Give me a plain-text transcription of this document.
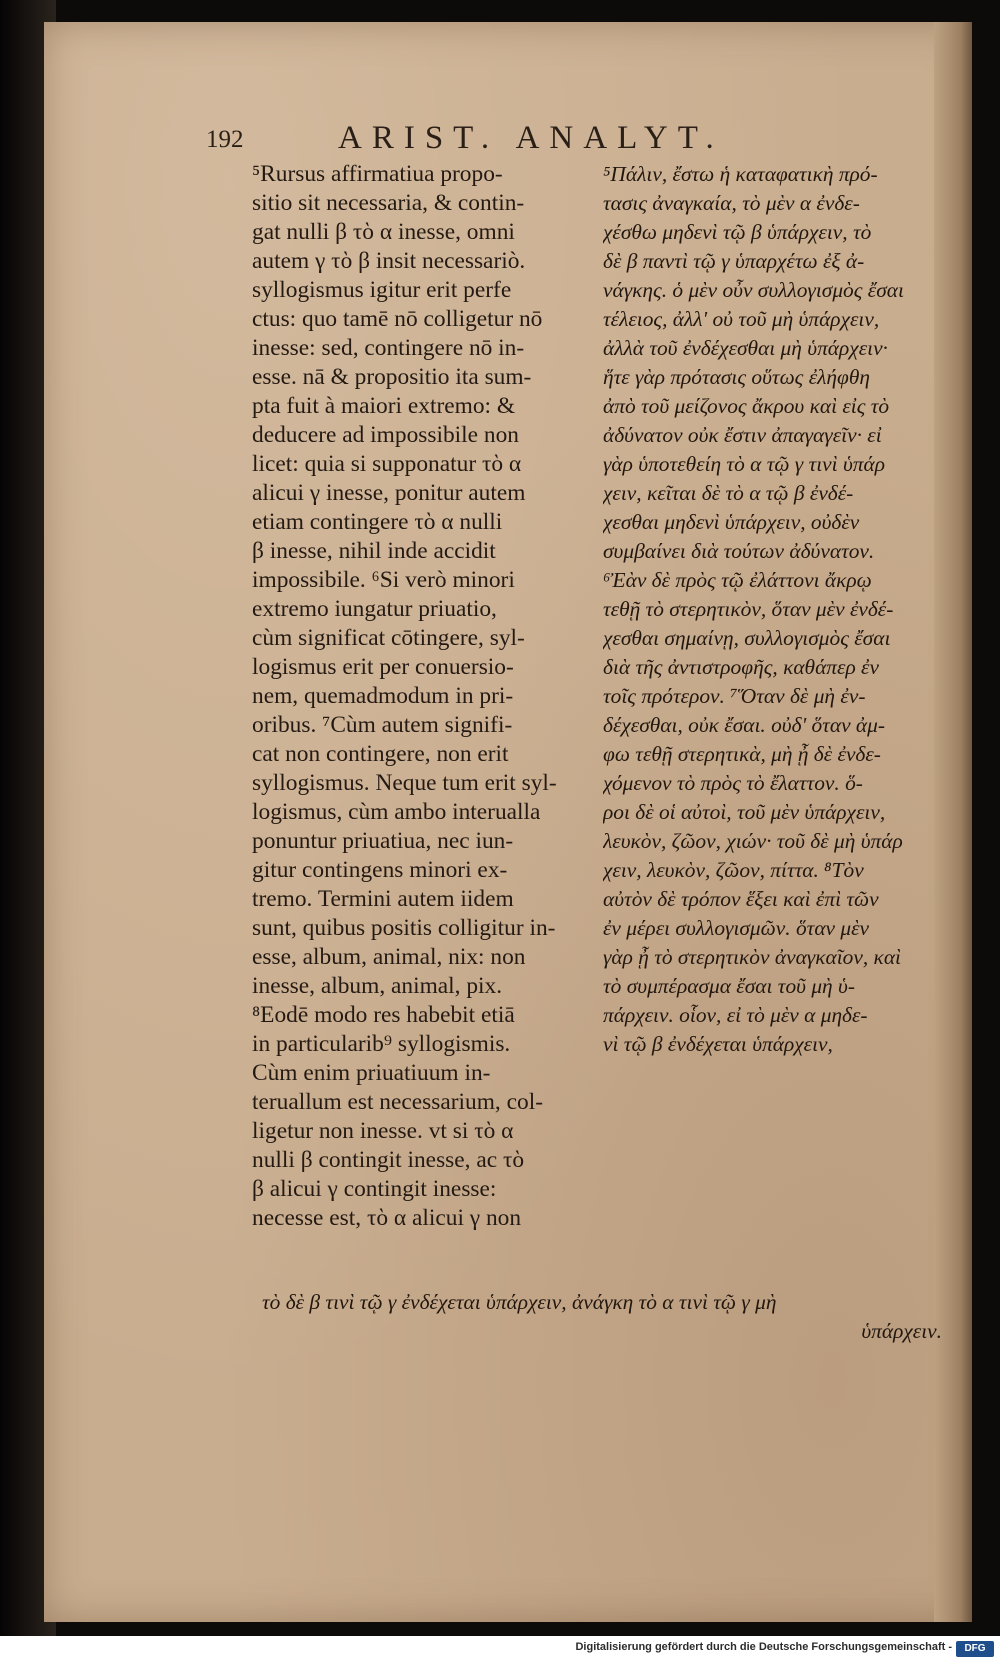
192	ARIST. ANALYT.
⁵Rursus affirmatiua propo-
sitio sit necessaria, & contin-
gat nulli β τὸ α inesse, omni
autem γ τὸ β insit necessariò.
syllogismus igitur erit perfe
ctus: quo tamē nō colligetur nō
inesse: sed, contingere nō in-
esse. nā & propositio ita sum-
pta fuit à maiori extremo: &
deducere ad impossibile non
licet: quia si supponatur τὸ α
alicui γ inesse, ponitur autem
etiam contingere τὸ α nulli
β inesse, nihil inde accidit
impossibile. ⁶Si verò minori
extremo iungatur priuatio,
cùm significat cōtingere, syl-
logismus erit per conuersio-
nem, quemadmodum in pri-
oribus. ⁷Cùm autem signifi-
cat non contingere, non erit
syllogismus. Neque tum erit syl-
logismus, cùm ambo interualla
ponuntur priuatiua, nec iun-
gitur contingens minori ex-
tremo. Termini autem iidem
sunt, quibus positis colligitur in-
esse, album, animal, nix: non
inesse, album, animal, pix.
⁸Eodē modo res habebit etiā
in particularib⁹ syllogismis.
Cùm enim priuatiuum in-
teruallum est necessarium, col-
ligetur non inesse. vt si τὸ α
nulli β contingit inesse, ac τὸ
β alicui γ contingit inesse:
necesse est, τὸ α alicui γ non
⁵Πάλιν, ἔστω ἡ καταφατικὴ πρό-
τασις ἀναγκαία, τὸ μὲν α ἐνδε-
χέσθω μηδενὶ τῷ β ὑπάρχειν, τὸ
δὲ β παντὶ τῷ γ ὑπαρχέτω ἐξ ἀ-
νάγκης. ὁ μὲν οὖν συλλογισμὸς ἔσαι
τέλειος, ἀλλ' οὐ τοῦ μὴ ὑπάρχειν,
ἀλλὰ τοῦ ἐνδέχεσθαι μὴ ὑπάρχειν·
ἥτε γὰρ πρότασις οὕτως ἐλήφθη
ἀπὸ τοῦ μείζονος ἄκρου καὶ εἰς τὸ
ἀδύνατον οὐκ ἔστιν ἀπαγαγεῖν· εἰ
γὰρ ὑποτεθείη τὸ α τῷ γ τινὶ ὑπάρ
χειν, κεῖται δὲ τὸ α τῷ β ἐνδέ-
χεσθαι μηδενὶ ὑπάρχειν, οὐδὲν
συμβαίνει διὰ τούτων ἀδύνατον.
⁶Ἐὰν δὲ πρὸς τῷ ἐλάττονι ἄκρῳ
τεθῇ τὸ στερητικὸν, ὅταν μὲν ἐνδέ-
χεσθαι σημαίνῃ, συλλογισμὸς ἔσαι
διὰ τῆς ἀντιστροφῆς, καθάπερ ἐν
τοῖς πρότερον. ⁷Ὅταν δὲ μὴ ἐν-
δέχεσθαι, οὐκ ἔσαι. οὐδ' ὅταν ἀμ-
φω τεθῇ στερητικὰ, μὴ ᾖ δὲ ἐνδε-
χόμενον τὸ πρὸς τὸ ἔλαττον. ὅ-
ροι δὲ οἱ αὐτοὶ, τοῦ μὲν ὑπάρχειν,
λευκὸν, ζῶον, χιών· τοῦ δὲ μὴ ὑπάρ
χειν, λευκὸν, ζῶον, πίττα. ⁸Τὸν
αὐτὸν δὲ τρόπον ἕξει καὶ ἐπὶ τῶν
ἐν μέρει συλλογισμῶν. ὅταν μὲν
γὰρ ᾖ τὸ στερητικὸν ἀναγκαῖον, καὶ
τὸ συμπέρασμα ἔσαι τοῦ μὴ ὑ-
πάρχειν. οἷον, εἰ τὸ μὲν α μηδε-
νὶ τῷ β ἐνδέχεται ὑπάρχειν,
τὸ δὲ β τινὶ τῷ γ ἐνδέχεται ὑπάρχειν, ἀνάγκη τὸ α τινὶ τῷ γ μὴ
ὑπάρχειν.
Digitalisierung gefördert durch die Deutsche Forschungsgemeinschaft -	DFG
